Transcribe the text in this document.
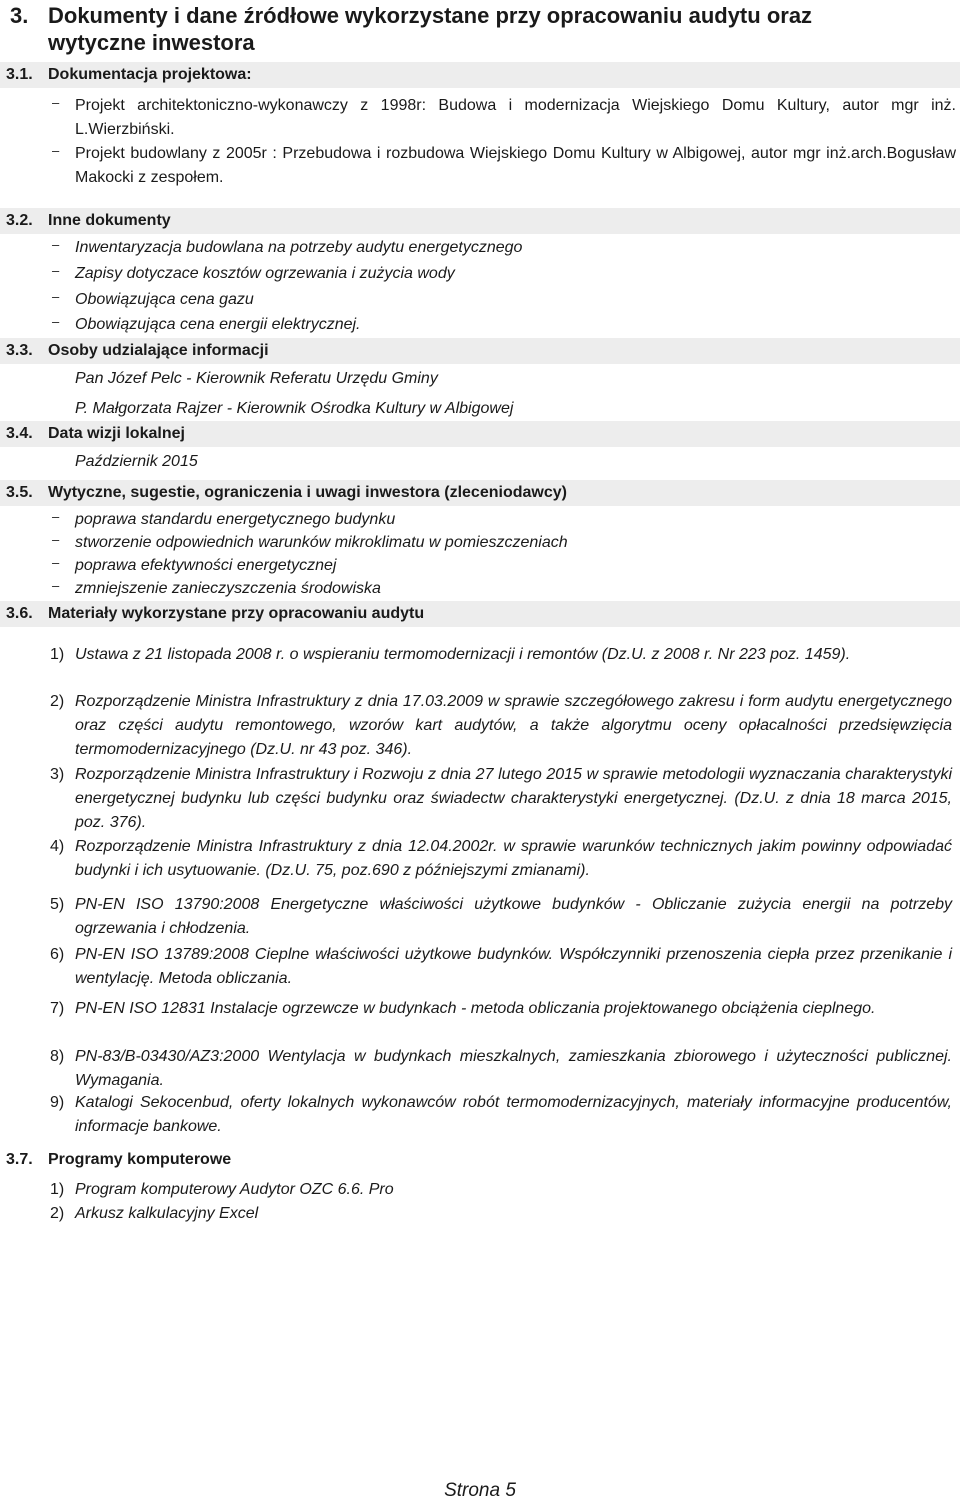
3. Dokumenty i dane źródłowe wykorzystane przy opracowaniu audytu oraz wytyczne inwestora
3.1. Dokumentacja projektowa:
– Projekt architektoniczno-wykonawczy z 1998r: Budowa i modernizacja Wiejskiego Domu Kultury, autor mgr inż. L.Wierzbiński.
– Projekt budowlany z 2005r : Przebudowa i rozbudowa Wiejskiego Domu Kultury w Albigowej, autor mgr inż.arch.Bogusław Makocki z zespołem.
3.2. Inne dokumenty
– Inwentaryzacja budowlana na potrzeby audytu energetycznego
– Zapisy dotyczace kosztów ogrzewania i zużycia wody
– Obowiązująca cena gazu
– Obowiązująca cena energii elektrycznej.
3.3. Osoby udzialające informacji
Pan Józef Pelc - Kierownik Referatu Urzędu Gminy
P. Małgorzata Rajzer - Kierownik Ośrodka Kultury w Albigowej
3.4. Data wizji lokalnej
Październik 2015
3.5. Wytyczne, sugestie, ograniczenia i uwagi inwestora (zleceniodawcy)
– poprawa standardu energetycznego budynku
– stworzenie odpowiednich warunków mikroklimatu w pomieszczeniach
– poprawa efektywności energetycznej
– zmniejszenie zanieczyszczenia środowiska
3.6. Materiały wykorzystane przy opracowaniu audytu
1) Ustawa z 21 listopada 2008 r. o wspieraniu termomodernizacji i remontów (Dz.U. z 2008 r. Nr 223 poz. 1459).
2) Rozporządzenie Ministra Infrastruktury z dnia 17.03.2009 w sprawie szczegółowego zakresu i form audytu energetycznego oraz części audytu remontowego, wzorów kart audytów, a także algorytmu oceny opłacalności przedsięwzięcia termomodernizacyjnego (Dz.U. nr 43 poz. 346).
3) Rozporządzenie Ministra Infrastruktury i Rozwoju z dnia 27 lutego 2015 w sprawie metodologii wyznaczania charakterystyki energetycznej budynku lub części budynku oraz świadectw charakterystyki energetycznej. (Dz.U. z dnia 18 marca 2015, poz. 376).
4) Rozporządzenie Ministra Infrastruktury z dnia 12.04.2002r. w sprawie warunków technicznych jakim powinny odpowiadać budynki i ich usytuowanie. (Dz.U. 75, poz.690 z późniejszymi zmianami).
5) PN-EN ISO 13790:2008 Energetyczne właściwości użytkowe budynków - Obliczanie zużycia energii na potrzeby ogrzewania i chłodzenia.
6) PN-EN ISO 13789:2008 Cieplne właściwości użytkowe budynków. Współczynniki przenoszenia ciepła przez przenikanie i wentylację. Metoda obliczania.
7) PN-EN ISO 12831 Instalacje ogrzewcze w budynkach - metoda obliczania projektowanego obciążenia cieplnego.
8) PN-83/B-03430/AZ3:2000 Wentylacja w budynkach mieszkalnych, zamieszkania zbiorowego i użyteczności publicznej. Wymagania.
9) Katalogi Sekocenbud, oferty lokalnych wykonawców robót termomodernizacyjnych, materiały informacyjne producentów, informacje bankowe.
3.7. Programy komputerowe
1) Program komputerowy Audytor OZC 6.6. Pro
2) Arkusz kalkulacyjny Excel
Strona 5
